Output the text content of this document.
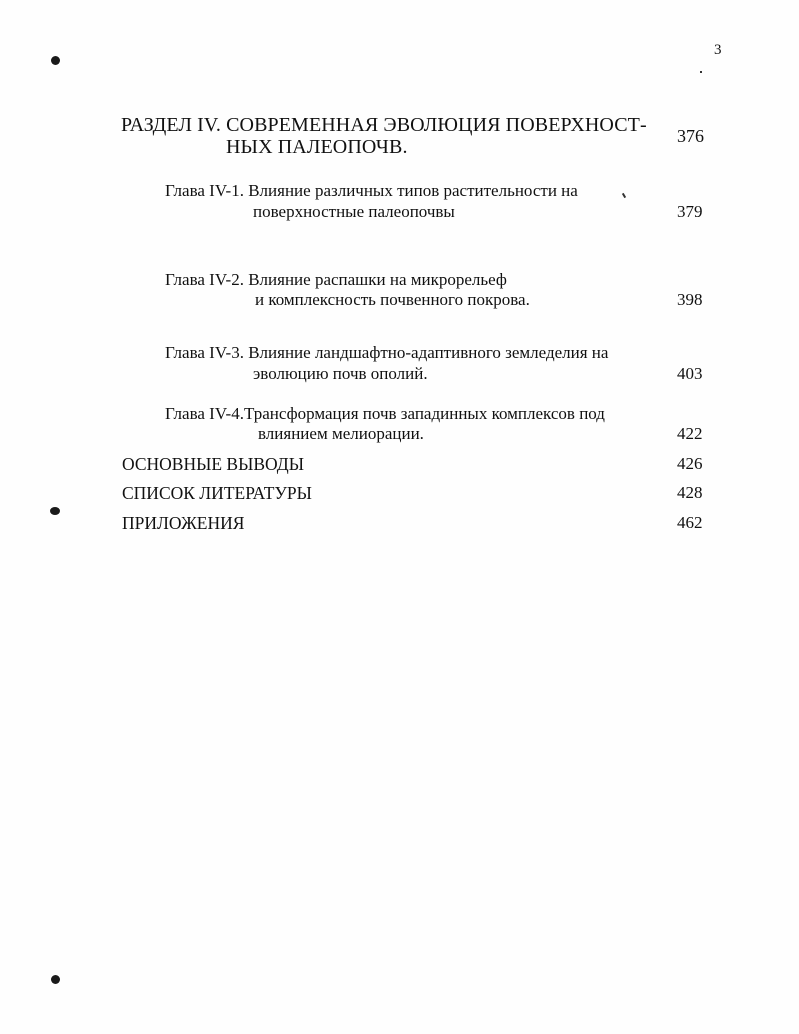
3
РАЗДЕЛ IV. СОВРЕМЕННАЯ ЭВОЛЮЦИЯ ПОВЕРХНОСТ-
НЫХ ПАЛЕОПОЧВ.	376
Глава IV-1. Влияние различных типов растительности на
поверхностные палеопочвы	379
Глава IV-2. Влияние распашки на микрорельеф
и комплексность почвенного покрова.	398
Глава IV-3. Влияние ландшафтно-адаптивного земледелия на
эволюцию почв ополий.	403
Глава IV-4.Трансформация почв западинных комплексов под
влиянием мелиорации.	422
ОСНОВНЫЕ ВЫВОДЫ	426
СПИСОК ЛИТЕРАТУРЫ	428
ПРИЛОЖЕНИЯ	462
